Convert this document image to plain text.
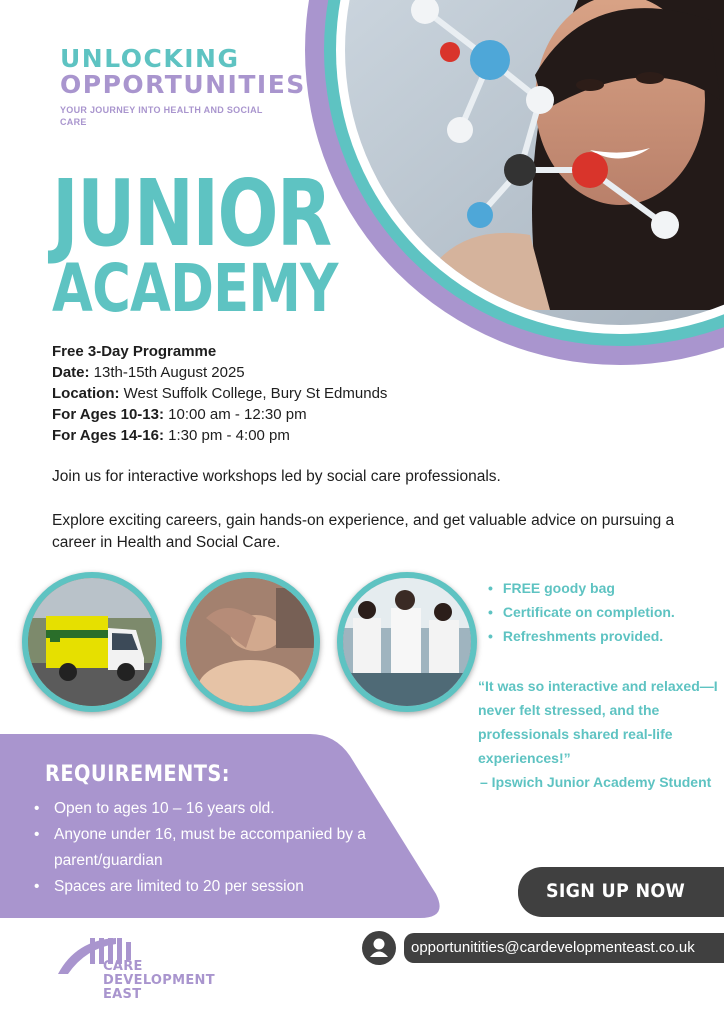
UNLOCKING
OPPORTUNITIES
YOUR JOURNEY INTO HEALTH AND SOCIAL CARE
JUNIOR
ACADEMY
Free 3-Day Programme
Date: 13th-15th August 2025
Location: West Suffolk College, Bury St Edmunds
For Ages 10-13: 10:00 am - 12:30 pm
For Ages 14-16: 1:30 pm - 4:00 pm

Join us for interactive workshops led by social care professionals.

Explore exciting careers, gain hands-on experience, and get valuable advice on pursuing a career in Health and Social Care.

• FREE goody bag
• Certificate on completion.
• Refreshments provided.
“It was so interactive and relaxed—I never felt stressed, and the professionals shared real-life experiences!”
– Ipswich Junior Academy Student
REQUIREMENTS:
• Open to ages 10 – 16 years old.
• Anyone under 16, must be accompanied by a parent/guardian
• Spaces are limited to 20 per session	SIGN UP NOW
opportunitities@cardevelopmenteast.co.uk
CARE
DEVELOPMENT
EAST
